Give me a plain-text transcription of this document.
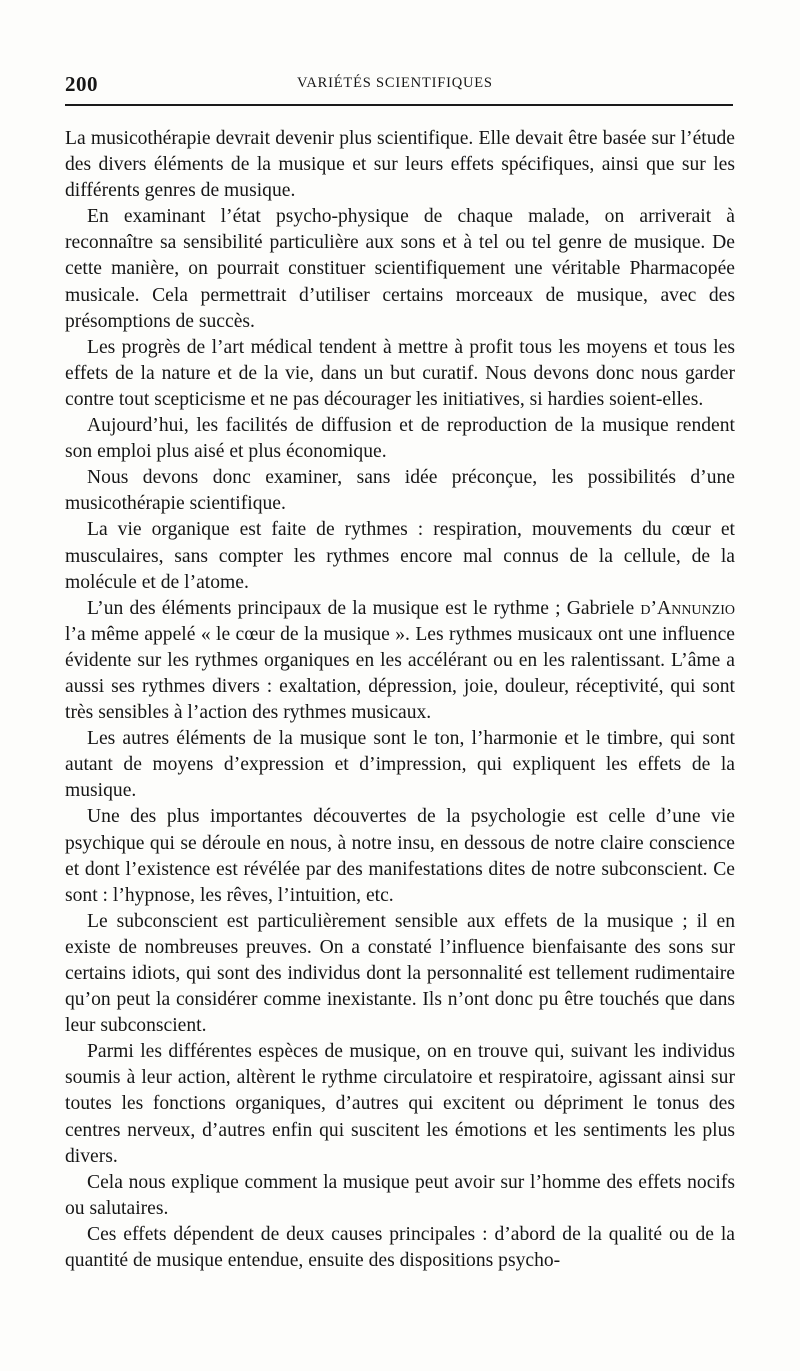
200	VARIÉTÉS SCIENTIFIQUES

La musicothérapie devrait devenir plus scientifique. Elle devait être basée sur l’étude des divers éléments de la musique et sur leurs effets spécifiques, ainsi que sur les différents genres de musique.

En examinant l’état psycho-physique de chaque malade, on arriverait à reconnaître sa sensibilité particulière aux sons et à tel ou tel genre de musique. De cette manière, on pourrait constituer scientifiquement une véritable Pharmacopée musicale. Cela permettrait d’utiliser certains morceaux de musique, avec des présomptions de succès.

Les progrès de l’art médical tendent à mettre à profit tous les moyens et tous les effets de la nature et de la vie, dans un but curatif. Nous devons donc nous garder contre tout scepticisme et ne pas décourager les initiatives, si hardies soient-elles.

Aujourd’hui, les facilités de diffusion et de reproduction de la musique rendent son emploi plus aisé et plus économique.

Nous devons donc examiner, sans idée préconçue, les possibilités d’une musicothérapie scientifique.

La vie organique est faite de rythmes : respiration, mouvements du cœur et musculaires, sans compter les rythmes encore mal connus de la cellule, de la molécule et de l’atome.

L’un des éléments principaux de la musique est le rythme ; Gabriele d’Annunzio l’a même appelé « le cœur de la musique ». Les rythmes musicaux ont une influence évidente sur les rythmes organiques en les accélérant ou en les ralentissant. L’âme a aussi ses rythmes divers : exaltation, dépression, joie, douleur, réceptivité, qui sont très sensibles à l’action des rythmes musicaux.

Les autres éléments de la musique sont le ton, l’harmonie et le timbre, qui sont autant de moyens d’expression et d’impression, qui expliquent les effets de la musique.

Une des plus importantes découvertes de la psychologie est celle d’une vie psychique qui se déroule en nous, à notre insu, en dessous de notre claire conscience et dont l’existence est révélée par des manifestations dites de notre subconscient. Ce sont : l’hypnose, les rêves, l’intuition, etc.

Le subconscient est particulièrement sensible aux effets de la musique ; il en existe de nombreuses preuves. On a constaté l’influence bienfaisante des sons sur certains idiots, qui sont des individus dont la personnalité est tellement rudimentaire qu’on peut la considérer comme inexistante. Ils n’ont donc pu être touchés que dans leur subconscient.

Parmi les différentes espèces de musique, on en trouve qui, suivant les individus soumis à leur action, altèrent le rythme circulatoire et respiratoire, agissant ainsi sur toutes les fonctions organiques, d’autres qui excitent ou dépriment le tonus des centres nerveux, d’autres enfin qui suscitent les émotions et les sentiments les plus divers.

Cela nous explique comment la musique peut avoir sur l’homme des effets nocifs ou salutaires.

Ces effets dépendent de deux causes principales : d’abord de la qualité ou de la quantité de musique entendue, ensuite des dispositions psycho-
